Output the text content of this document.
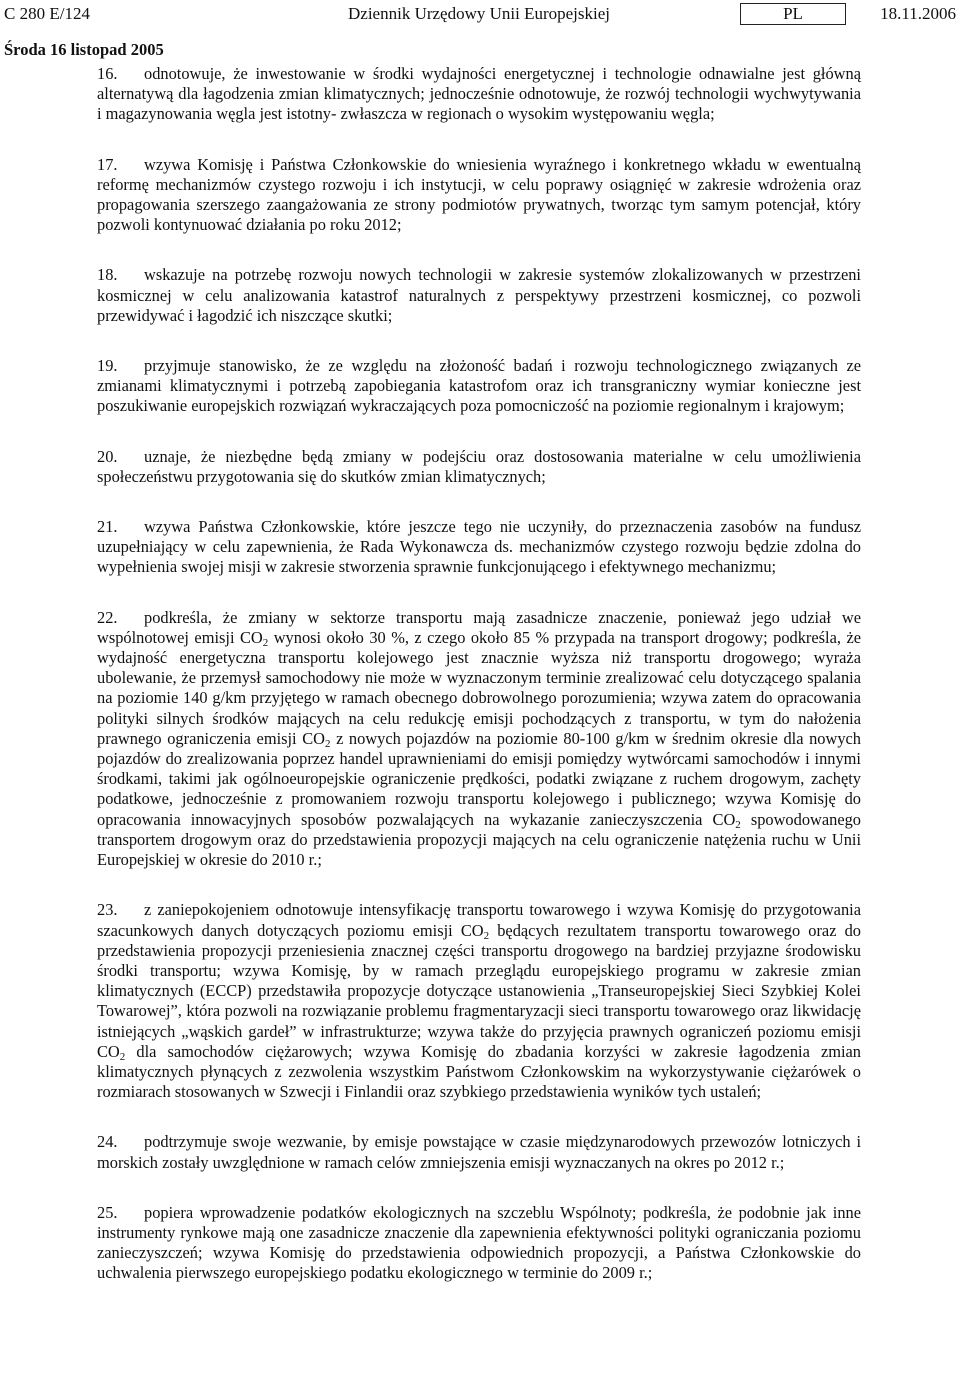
C 280 E/124	Dziennik Urzędowy Unii Europejskiej	PL	18.11.2006
Środa 16 listopad 2005

16. odnotowuje, że inwestowanie w środki wydajności energetycznej i technologie odnawialne jest główną alternatywą dla łagodzenia zmian klimatycznych; jednocześnie odnotowuje, że rozwój technologii wychwytywania i magazynowania węgla jest istotny- zwłaszcza w regionach o wysokim występowaniu węgla;

17. wzywa Komisję i Państwa Członkowskie do wniesienia wyraźnego i konkretnego wkładu w ewentualną reformę mechanizmów czystego rozwoju i ich instytucji, w celu poprawy osiągnięć w zakresie wdrożenia oraz propagowania szerszego zaangażowania ze strony podmiotów prywatnych, tworząc tym samym potencjał, który pozwoli kontynuować działania po roku 2012;

18. wskazuje na potrzebę rozwoju nowych technologii w zakresie systemów zlokalizowanych w przestrzeni kosmicznej w celu analizowania katastrof naturalnych z perspektywy przestrzeni kosmicznej, co pozwoli przewidywać i łagodzić ich niszczące skutki;

19. przyjmuje stanowisko, że ze względu na złożoność badań i rozwoju technologicznego związanych ze zmianami klimatycznymi i potrzebą zapobiegania katastrofom oraz ich transgraniczny wymiar konieczne jest poszukiwanie europejskich rozwiązań wykraczających poza pomocniczość na poziomie regionalnym i krajowym;

20. uznaje, że niezbędne będą zmiany w podejściu oraz dostosowania materialne w celu umożliwienia społeczeństwu przygotowania się do skutków zmian klimatycznych;

21. wzywa Państwa Członkowskie, które jeszcze tego nie uczyniły, do przeznaczenia zasobów na fundusz uzupełniający w celu zapewnienia, że Rada Wykonawcza ds. mechanizmów czystego rozwoju będzie zdolna do wypełnienia swojej misji w zakresie stworzenia sprawnie funkcjonującego i efektywnego mechanizmu;

22. podkreśla, że zmiany w sektorze transportu mają zasadnicze znaczenie, ponieważ jego udział we wspólnotowej emisji $CO_2$ wynosi około 30 %, z czego około 85 % przypada na transport drogowy; podkreśla, że wydajność energetyczna transportu kolejowego jest znacznie wyższa niż transportu drogowego; wyraża ubolewanie, że przemysł samochodowy nie może w wyznaczonym terminie zrealizować celu dotyczącego spalania na poziomie 140 g/km przyjętego w ramach obecnego dobrowolnego porozumienia; wzywa zatem do opracowania polityki silnych środków mających na celu redukcję emisji pochodzących z transportu, w tym do nałożenia prawnego ograniczenia emisji $CO_2$ z nowych pojazdów na poziomie 80-100 g/km w średnim okresie dla nowych pojazdów do zrealizowania poprzez handel uprawnieniami do emisji pomiędzy wytwórcami samochodów i innymi środkami, takimi jak ogólnoeuropejskie ograniczenie prędkości, podatki związane z ruchem drogowym, zachęty podatkowe, jednocześnie z promowaniem rozwoju transportu kolejowego i publicznego; wzywa Komisję do opracowania innowacyjnych sposobów pozwalających na wykazanie zanieczyszczenia $CO_2$ spowodowanego transportem drogowym oraz do przedstawienia propozycji mających na celu ograniczenie natężenia ruchu w Unii Europejskiej w okresie do 2010 r.;

23. z zaniepokojeniem odnotowuje intensyfikację transportu towarowego i wzywa Komisję do przygotowania szacunkowych danych dotyczących poziomu emisji $CO_2$ będących rezultatem transportu towarowego oraz do przedstawienia propozycji przeniesienia znacznej części transportu drogowego na bardziej przyjazne środowisku środki transportu; wzywa Komisję, by w ramach przeglądu europejskiego programu w zakresie zmian klimatycznych (ECCP) przedstawiła propozycje dotyczące ustanowienia „Transeuropejskiej Sieci Szybkiej Kolei Towarowej”, która pozwoli na rozwiązanie problemu fragmentaryzacji sieci transportu towarowego oraz likwidację istniejących „wąskich gardeł” w infrastrukturze; wzywa także do przyjęcia prawnych ograniczeń poziomu emisji $CO_2$ dla samochodów ciężarowych; wzywa Komisję do zbadania korzyści w zakresie łagodzenia zmian klimatycznych płynących z zezwolenia wszystkim Państwom Członkowskim na wykorzystywanie ciężarówek o rozmiarach stosowanych w Szwecji i Finlandii oraz szybkiego przedstawienia wyników tych ustaleń;

24. podtrzymuje swoje wezwanie, by emisje powstające w czasie międzynarodowych przewozów lotniczych i morskich zostały uwzględnione w ramach celów zmniejszenia emisji wyznaczanych na okres po 2012 r.;

25. popiera wprowadzenie podatków ekologicznych na szczeblu Wspólnoty; podkreśla, że podobnie jak inne instrumenty rynkowe mają one zasadnicze znaczenie dla zapewnienia efektywności polityki ograniczania poziomu zanieczyszczeń; wzywa Komisję do przedstawienia odpowiednich propozycji, a Państwa Członkowskie do uchwalenia pierwszego europejskiego podatku ekologicznego w terminie do 2009 r.;
